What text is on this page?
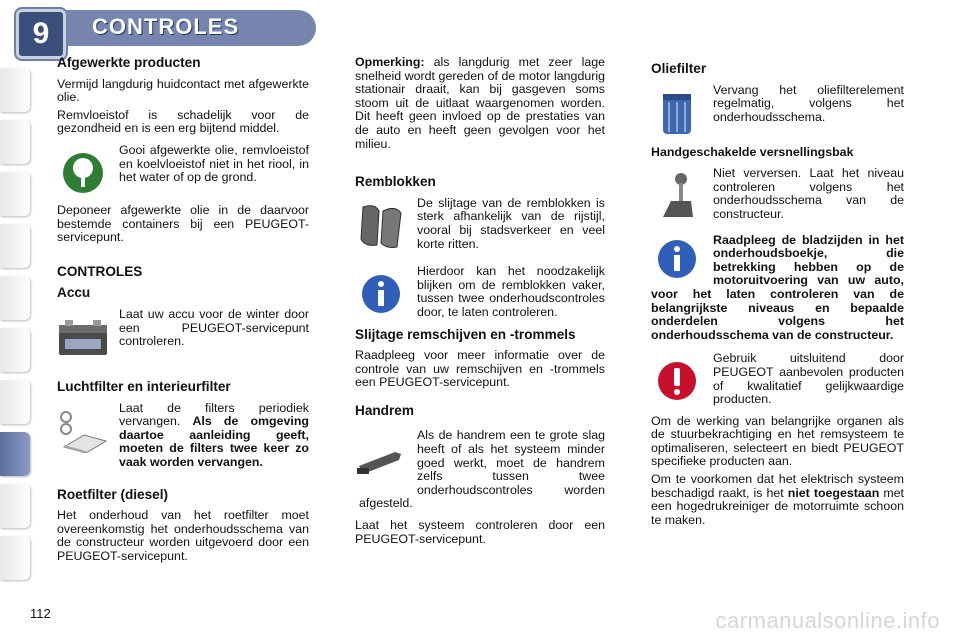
9	CONTROLES
Afgewerkte producten

Vermijd langdurig huidcontact met afgewerkte olie.

Remvloeistof is schadelijk voor de gezondheid en is een erg bijtend middel.

Gooi afgewerkte olie, remvloeistof en koelvloeistof niet in het riool, in het water of op de grond.

Deponeer afgewerkte olie in de daarvoor bestemde containers bij een PEUGEOT-servicepunt.

CONTROLES
Accu

Laat uw accu voor de winter door een PEUGEOT-servicepunt controleren.

Luchtfilter en interieurfilter

Laat de filters periodiek vervangen. Als de omgeving daartoe aanleiding geeft, moeten de filters twee keer zo vaak worden vervangen.

Roetfilter (diesel)

Het onderhoud van het roetfilter moet overeenkomstig het onderhoudsschema van de constructeur worden uitgevoerd door een PEUGEOT-servicepunt.

Opmerking: als langdurig met zeer lage snelheid wordt gereden of de motor langdurig stationair draait, kan bij gasgeven soms stoom uit de uitlaat waargenomen worden. Dit heeft geen invloed op de prestaties van de auto en heeft geen gevolgen voor het milieu.

Remblokken

De slijtage van de remblokken is sterk afhankelijk van de rijstijl, vooral bij stadsverkeer en veel korte ritten.

Hierdoor kan het noodzakelijk blijken om de remblokken vaker, tussen twee onderhoudscontroles door, te laten controleren.

Slijtage remschijven en -trommels

Raadpleeg voor meer informatie over de controle van uw remschijven en -trommels een PEUGEOT-servicepunt.

Handrem

Als de handrem een te grote slag heeft of als het systeem minder goed werkt, moet de handrem zelfs tussen twee onderhoudscontroles worden afgesteld.

Laat het systeem controleren door een PEUGEOT-servicepunt.

Oliefilter

Vervang het oliefilterelement regelmatig, volgens het onderhoudsschema.

Handgeschakelde versnellingsbak

Niet verversen. Laat het niveau controleren volgens het onderhoudsschema van de constructeur.

Raadpleeg de bladzijden in het onderhoudsboekje, die betrekking hebben op de motoruitvoering van uw auto, voor het laten controleren van de belangrijkste niveaus en bepaalde onderdelen volgens het onderhoudsschema van de constructeur.

Gebruik uitsluitend door PEUGEOT aanbevolen producten of kwalitatief gelijkwaardige producten.

Om de werking van belangrijke organen als de stuurbekrachtiging en het remsysteem te optimaliseren, selecteert en biedt PEUGEOT specifieke producten aan.

Om te voorkomen dat het elektrisch systeem beschadigd raakt, is het niet toegestaan met een hogedrukreiniger de motorruimte schoon te maken.

112	carmanualsonline.info
